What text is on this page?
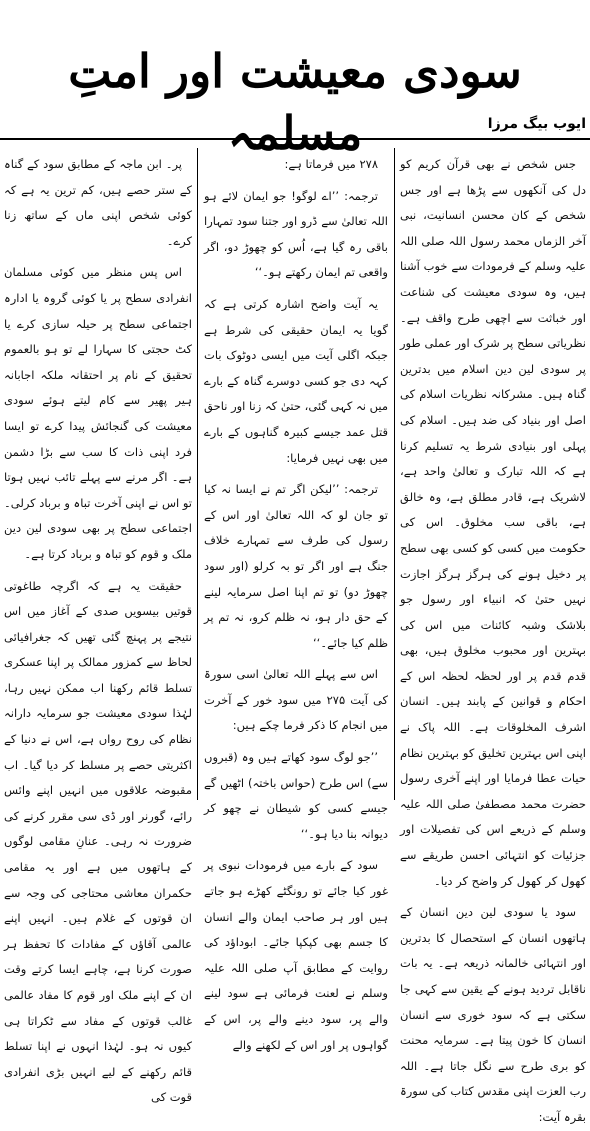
سودی معیشت اور امتِ مسلمہ	ایوب بیگ مرزا

جس شخص نے بھی قرآن کریم کو دل کی آنکھوں سے پڑھا ہے اور جس شخص کے کان محسن انسانیت، نبی آخر الزماں محمد رسول اللہ صلی اللہ علیہ وسلم کے فرمودات سے خوب آشنا ہیں، وہ سودی معیشت کی شناعت اور خباثت سے اچھی طرح واقف ہے۔ نظریاتی سطح پر شرک اور عملی طور پر سودی لین دین اسلام میں بدترین گناہ ہیں۔ مشرکانہ نظریات اسلام کی اصل اور بنیاد کی ضد ہیں۔ اسلام کی پہلی اور بنیادی شرط یہ تسلیم کرنا ہے کہ اللہ تبارک و تعالیٰ واحد ہے، لاشریک ہے، قادر مطلق ہے، وہ خالق ہے، باقی سب مخلوق۔ اس کی حکومت میں کسی کو کسی بھی سطح پر دخیل ہونے کی ہرگز ہرگز اجازت نہیں حتیٰ کہ انبیاء اور رسول جو بلاشک وشبہ کائنات میں اس کی بہترین اور محبوب مخلوق ہیں، بھی قدم قدم پر اور لحظہ لحظہ اس کے احکام و قوانین کے پابند ہیں۔ انسان اشرف المخلوقات ہے۔ اللہ پاک نے اپنی اس بہترین تخلیق کو بہترین نظام حیات عطا فرمایا اور اپنے آخری رسول حضرت محمد مصطفیٰ صلی اللہ علیہ وسلم کے ذریعے اس کی تفصیلات اور جزئیات کو انتہائی احسن طریقے سے کھول کر کھول کر واضح کر دیا۔

سود یا سودی لین دین انسان کے ہاتھوں انسان کے استحصال کا بدترین اور انتہائی خالمانہ ذریعہ ہے۔ یہ بات ناقابل تردید ہونے کے یقین سے کہی جا سکتی ہے کہ سود خوری سے انسان انسان کا خون پیتا ہے۔ سرمایہ محنت کو بری طرح سے نگل جاتا ہے۔ اللہ رب العزت اپنی مقدس کتاب کی سورۃ بقرہ آیت:

۲۷۸ میں فرماتا ہے:

ترجمہ: ’’اے لوگو! جو ایمان لائے ہو اللہ تعالیٰ سے ڈرو اور جتنا سود تمہارا باقی رہ گیا ہے، اُس کو چھوڑ دو، اگر واقعی تم ایمان رکھتے ہو۔‘‘

یہ آیت واضح اشارہ کرتی ہے کہ گویا یہ ایمان حقیقی کی شرط ہے جبکہ اگلی آیت میں ایسی دوٹوک بات کہہ دی جو کسی دوسرے گناہ کے بارے میں نہ کہی گئی، حتیٰ کہ زنا اور ناحق قتل عمد جیسے کبیرہ گناہوں کے بارے میں بھی نہیں فرمایا:

ترجمہ: ’’لیکن اگر تم نے ایسا نہ کیا تو جان لو کہ اللہ تعالیٰ اور اس کے رسول کی طرف سے تمہارے خلاف جنگ ہے اور اگر تو بہ کرلو (اور سود چھوڑ دو) تو تم اپنا اصل سرمایہ لینے کے حق دار ہو، نہ ظلم کرو، نہ تم پر ظلم کیا جائے۔‘‘

اس سے پہلے اللہ تعالیٰ اسی سورۃ کی آیت ۲۷۵ میں سود خور کے آخرت میں انجام کا ذکر فرما چکے ہیں:

’’جو لوگ سود کھاتے ہیں وہ (قبروں سے) اس طرح (حواس باختہ) اٹھیں گے جیسے کسی کو شیطان نے چھو کر دیوانہ بنا دیا ہو۔‘‘

سود کے بارے میں فرمودات نبوی پر غور کیا جائے تو رونگٹے کھڑے ہو جاتے ہیں اور ہر صاحب ایمان والے انسان کا جسم بھی کپکپا جائے۔ ابوداؤد کی روایت کے مطابق آپ صلی اللہ علیہ وسلم نے لعنت فرمائی ہے سود لینے والے پر، سود دینے والے پر، اس کے گواہوں پر اور اس کے لکھنے والے

پر۔ ابن ماجہ کے مطابق سود کے گناہ کے ستر حصے ہیں، کم ترین یہ ہے کہ کوئی شخص اپنی ماں کے ساتھ زنا کرے۔

اس پس منظر میں کوئی مسلمان انفرادی سطح پر یا کوئی گروہ یا ادارہ اجتماعی سطح پر حیلہ سازی کرے یا کٹ حجتی کا سہارا لے تو ہو بالعموم تحقیق کے نام پر احتقانہ ملکہ اجابانہ ہیر پھیر سے کام لیتے ہوئے سودی معیشت کی گنجائش پیدا کرے تو ایسا فرد اپنی ذات کا سب سے بڑا دشمن ہے۔ اگر مرنے سے پہلے تائب نہیں ہوتا تو اس نے اپنی آخرت تباہ و برباد کرلی۔ اجتماعی سطح پر بھی سودی لین دین ملک و قوم کو تباہ و برباد کرتا ہے۔

حقیقت یہ ہے کہ اگرچہ طاغوتی قوتیں بیسویں صدی کے آغاز میں اس نتیجے پر پہنچ گئی تھیں کہ جغرافیائی لحاظ سے کمزور ممالک پر اپنا عسکری تسلط قائم رکھنا اب ممکن نہیں رہا، لہٰذا سودی معیشت جو سرمایہ دارانہ نظام کی روح رواں ہے، اس نے دنیا کے اکثریتی حصے پر مسلط کر دیا گیا۔ اب مقبوضہ علاقوں میں انہیں اپنے وائس رائے، گورنر اور ڈی سی مقرر کرنے کی ضرورت نہ رہی۔ عنانِ مقامی لوگوں کے ہاتھوں میں ہے اور یہ مقامی حکمران معاشی محتاجی کی وجہ سے ان قوتوں کے غلام ہیں۔ انہیں اپنے عالمی آقاؤں کے مفادات کا تحفظ ہر صورت کرنا ہے، چاہے ایسا کرتے وقت ان کے اپنے ملک اور قوم کا مفاد عالمی غالب قوتوں کے مفاد سے ٹکراتا ہی کیوں نہ ہو۔ لہٰذا انہوں نے اپنا تسلط قائم رکھنے کے لیے انہیں بڑی انفرادی قوت کی
